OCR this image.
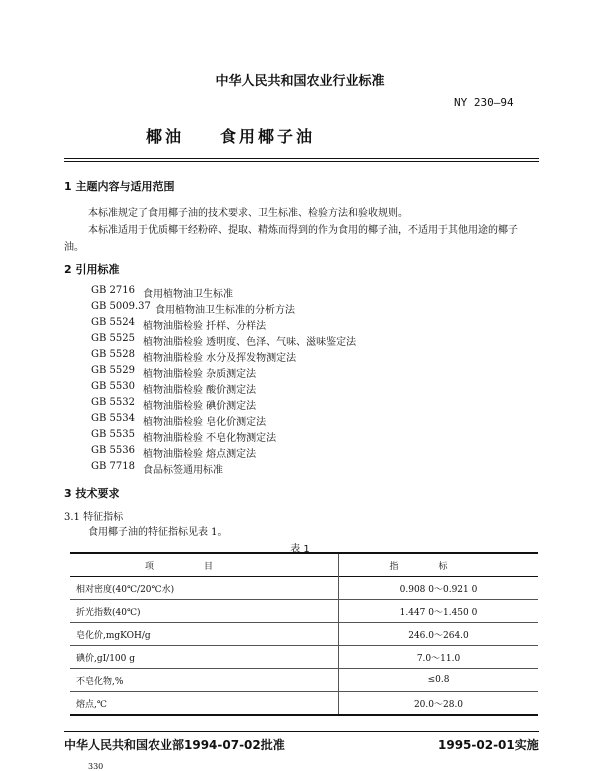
中华人民共和国农业行业标准
NY 230—94
椰油 食用椰子油
1 主题内容与适用范围
本标准规定了食用椰子油的技术要求、卫生标准、检验方法和验收规则。
本标准适用于优质椰干经粉碎、提取、精炼而得到的作为食用的椰子油，不适用于其他用途的椰子
油。
2 引用标准
GB 2716 食用植物油卫生标准
GB 5009.37 食用植物油卫生标准的分析方法
GB 5524 植物油脂检验 扦样、分样法
GB 5525 植物油脂检验 透明度、色泽、气味、滋味鉴定法
GB 5528 植物油脂检验 水分及挥发物测定法
GB 5529 植物油脂检验 杂质测定法
GB 5530 植物油脂检验 酸价测定法
GB 5532 植物油脂检验 碘价测定法
GB 5534 植物油脂检验 皂化价测定法
GB 5535 植物油脂检验 不皂化物测定法
GB 5536 植物油脂检验 熔点测定法
GB 7718 食品标签通用标准
3 技术要求
3.1 特征指标
食用椰子油的特征指标见表 1。
表 1
项目	指标
相对密度(40℃/20℃水)	0.908 0～0.921 0
折光指数(40℃)	1.447 0～1.450 0
皂化价,mgKOH/g	246.0～264.0
碘价,gI/100 g	7.0～11.0
不皂化物,%	≤0.8
熔点,℃	20.0～28.0
中华人民共和国农业部1994-07-02批准	1995-02-01实施
330
